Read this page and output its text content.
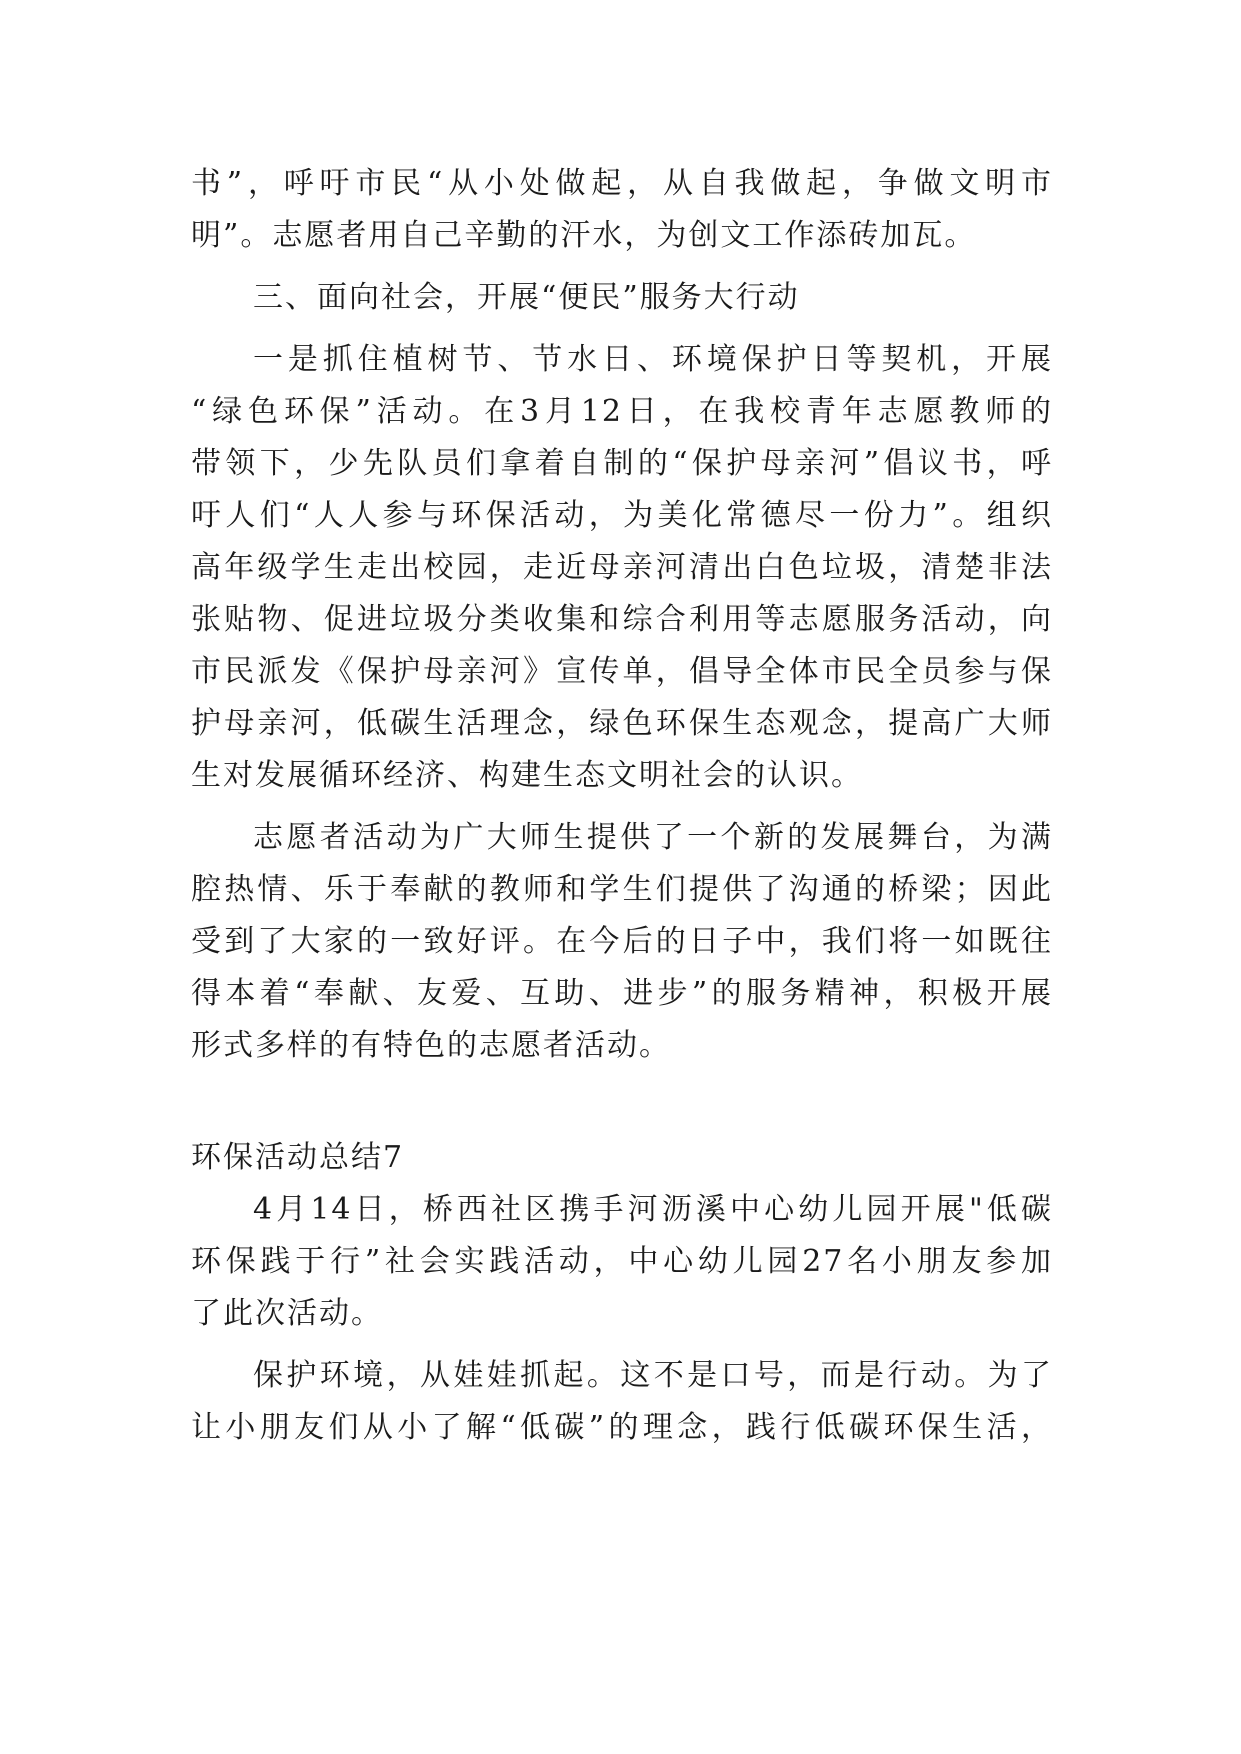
书”，呼吁市民“从小处做起，从自我做起，争做文明市
明”。志愿者用自己辛勤的汗水，为创文工作添砖加瓦。
三、面向社会，开展“便民”服务大行动
一是抓住植树节、节水日、环境保护日等契机，开展
“绿色环保”活动。在3月12日，在我校青年志愿教师的
带领下，少先队员们拿着自制的“保护母亲河”倡议书，呼
吁人们“人人参与环保活动，为美化常德尽一份力”。组织
高年级学生走出校园，走近母亲河清出白色垃圾，清楚非法
张贴物、促进垃圾分类收集和综合利用等志愿服务活动，向
市民派发《保护母亲河》宣传单，倡导全体市民全员参与保
护母亲河，低碳生活理念，绿色环保生态观念，提高广大师
生对发展循环经济、构建生态文明社会的认识。
志愿者活动为广大师生提供了一个新的发展舞台，为满
腔热情、乐于奉献的教师和学生们提供了沟通的桥梁；因此
受到了大家的一致好评。在今后的日子中，我们将一如既往
得本着“奉献、友爱、互助、进步”的服务精神，积极开展
形式多样的有特色的志愿者活动。
环保活动总结7
4月14日，桥西社区携手河沥溪中心幼儿园开展"低碳
环保践于行”社会实践活动，中心幼儿园27名小朋友参加
了此次活动。
保护环境，从娃娃抓起。这不是口号，而是行动。为了
让小朋友们从小了解“低碳”的理念，践行低碳环保生活，
